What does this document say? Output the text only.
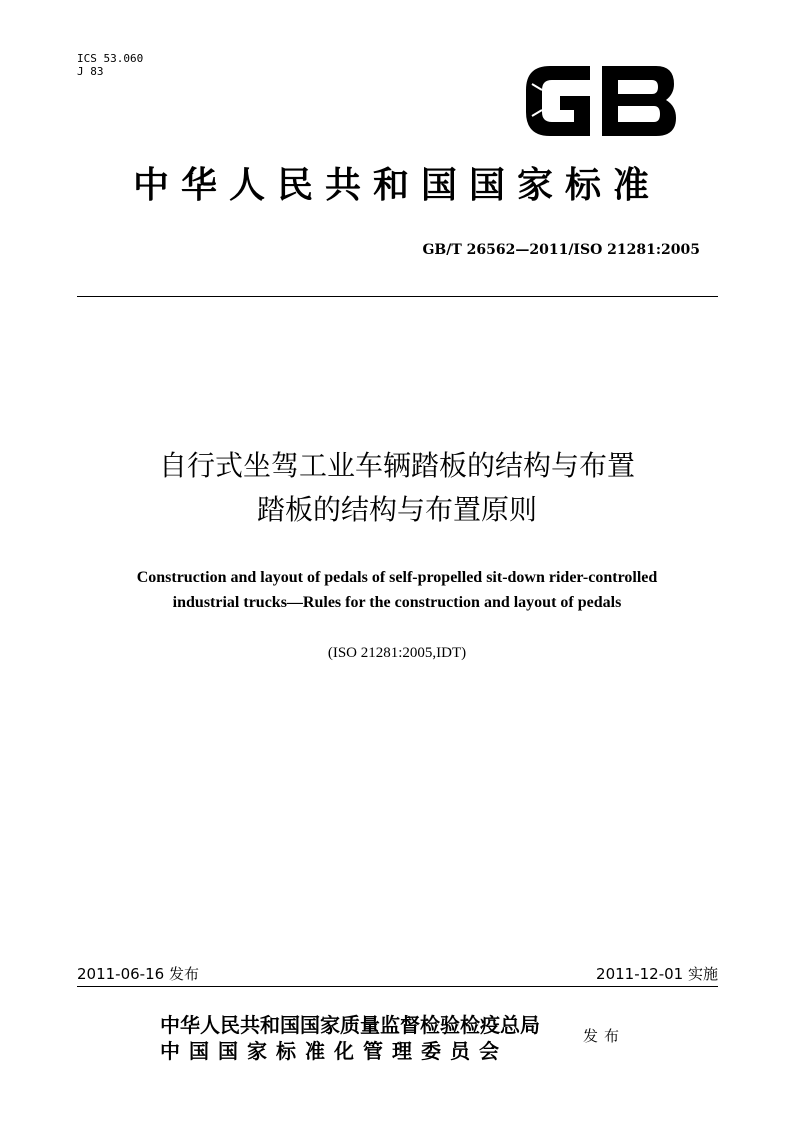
ICS 53.060
J 83
中华人民共和国国家标准
GB/T 26562—2011/ISO 21281:2005
自行式坐驾工业车辆踏板的结构与布置
踏板的结构与布置原则
Construction and layout of pedals of self-propelled sit-down rider-controlled
industrial trucks—Rules for the construction and layout of pedals
(ISO 21281:2005,IDT)
2011-06-16 发布	2011-12-01 实施
中华人民共和国国家质量监督检验检疫总局
中国国家标准化管理委员会
发布
